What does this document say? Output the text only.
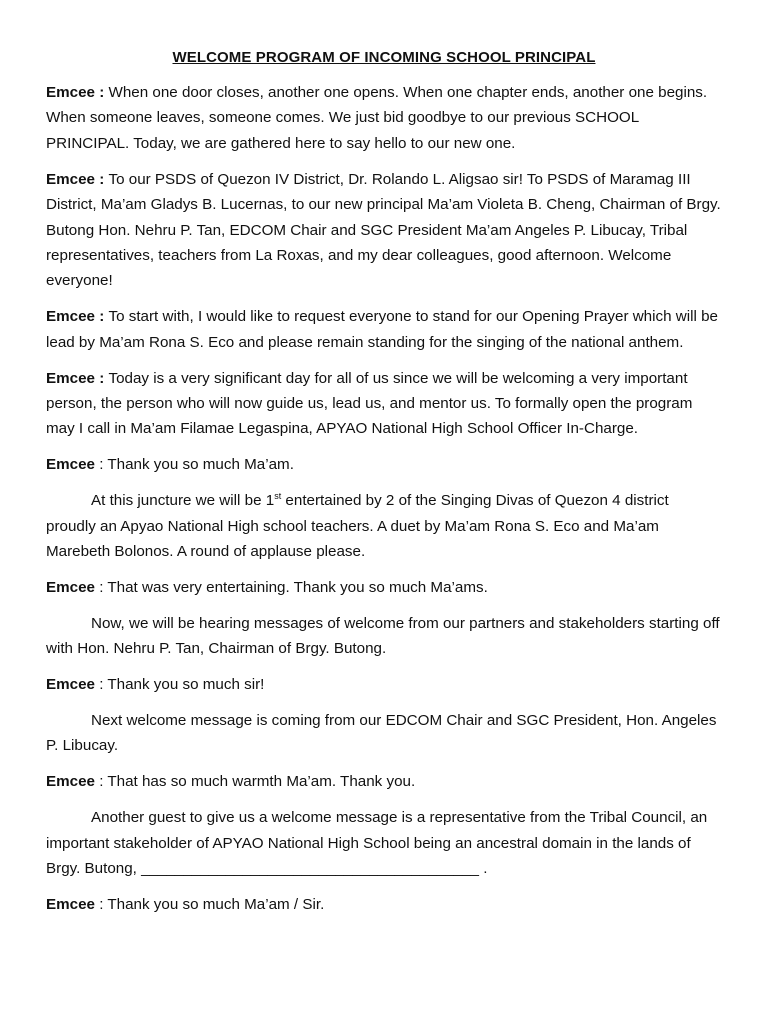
WELCOME PROGRAM OF INCOMING SCHOOL PRINCIPAL

Emcee : When one door closes, another one opens. When one chapter ends, another one begins. When someone leaves, someone comes. We just bid goodbye to our previous SCHOOL PRINCIPAL. Today, we are gathered here to say hello to our new one.

Emcee : To our PSDS of Quezon IV District, Dr. Rolando L. Aligsao sir! To PSDS of Maramag III District, Ma’am Gladys B. Lucernas, to our new principal Ma’am Violeta B. Cheng, Chairman of Brgy. Butong Hon. Nehru P. Tan, EDCOM Chair and SGC President Ma’am Angeles P. Libucay, Tribal representatives, teachers from La Roxas, and my dear colleagues, good afternoon. Welcome everyone!

Emcee : To start with, I would like to request everyone to stand for our Opening Prayer which will be lead by Ma’am Rona S. Eco and please remain standing for the singing of the national anthem.

Emcee : Today is a very significant day for all of us since we will be welcoming a very important person, the person who will now guide us, lead us, and mentor us. To formally open the program may I call in Ma’am Filamae Legaspina, APYAO National High School Officer In-Charge.

Emcee : Thank you so much Ma’am.

At this juncture we will be 1st entertained by 2 of the Singing Divas of Quezon 4 district proudly an Apyao National High school teachers. A duet by Ma’am Rona S. Eco and Ma’am Marebeth Bolonos. A round of applause please.

Emcee : That was very entertaining. Thank you so much Ma’ams.

Now, we will be hearing messages of welcome from our partners and stakeholders starting off with Hon. Nehru P. Tan, Chairman of Brgy. Butong.

Emcee : Thank you so much sir!

Next welcome message is coming from our EDCOM Chair and SGC President, Hon. Angeles P. Libucay.

Emcee : That has so much warmth Ma’am. Thank you.

Another guest to give us a welcome message is a representative from the Tribal Council, an important stakeholder of APYAO National High School being an ancestral domain in the lands of Brgy. Butong, ________________________________________ .

Emcee : Thank you so much Ma’am / Sir.
